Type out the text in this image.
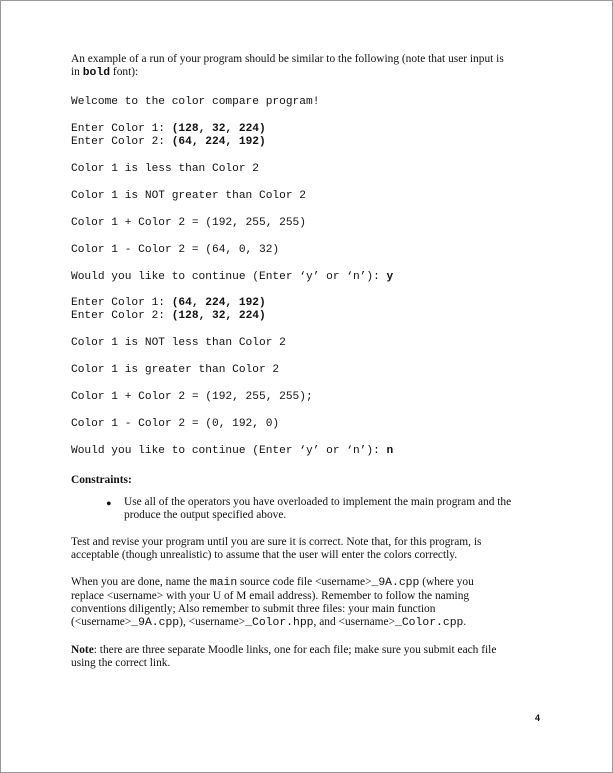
An example of a run of your program should be similar to the following (note that user input is
in bold font):

Welcome to the color compare program!
Enter Color 1: (128, 32, 224)
Enter Color 2: (64, 224, 192)
Color 1 is less than Color 2
Color 1 is NOT greater than Color 2
Color 1 + Color 2 = (192, 255, 255)
Color 1 - Color 2 = (64, 0, 32)
Would you like to continue (Enter ‘y’ or ‘n’): y
Enter Color 1: (64, 224, 192)
Enter Color 2: (128, 32, 224)
Color 1 is NOT less than Color 2
Color 1 is greater than Color 2
Color 1 + Color 2 = (192, 255, 255);
Color 1 - Color 2 = (0, 192, 0)
Would you like to continue (Enter ‘y’ or ‘n’): n

Constraints:

• Use all of the operators you have overloaded to implement the main program and the
produce the output specified above.

Test and revise your program until you are sure it is correct. Note that, for this program, is
acceptable (though unrealistic) to assume that the user will enter the colors correctly.

When you are done, name the main source code file <username>_9A.cpp (where you
replace <username> with your U of M email address). Remember to follow the naming
conventions diligently; Also remember to submit three files: your main function
(<username>_9A.cpp), <username>_Color.hpp, and <username>_Color.cpp.

Note: there are three separate Moodle links, one for each file; make sure you submit each file
using the correct link.

4
